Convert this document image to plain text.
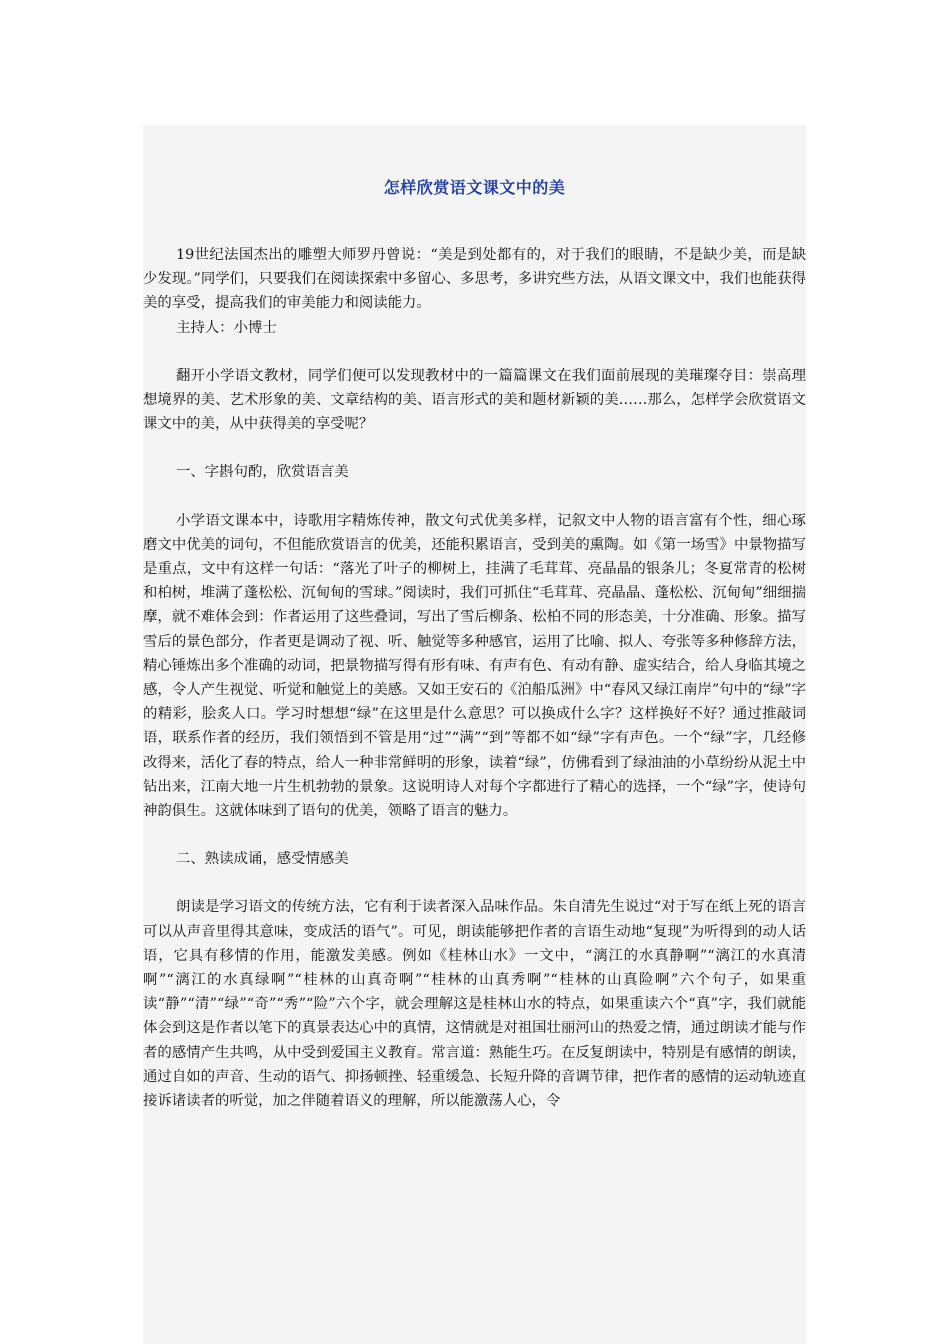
怎样欣赏语文课文中的美

19世纪法国杰出的雕塑大师罗丹曾说：“美是到处都有的，对于我们的眼睛，不是缺少美，而是缺少发现。”同学们，只要我们在阅读探索中多留心、多思考，多讲究些方法，从语文课文中，我们也能获得美的享受，提高我们的审美能力和阅读能力。

主持人：小博士

翻开小学语文教材，同学们便可以发现教材中的一篇篇课文在我们面前展现的美璀璨夺目：崇高理想境界的美、艺术形象的美、文章结构的美、语言形式的美和题材新颖的美……那么，怎样学会欣赏语文课文中的美，从中获得美的享受呢？

一、字斟句酌，欣赏语言美

小学语文课本中，诗歌用字精炼传神，散文句式优美多样，记叙文中人物的语言富有个性，细心琢磨文中优美的词句，不但能欣赏语言的优美，还能积累语言，受到美的熏陶。如《第一场雪》中景物描写是重点，文中有这样一句话：“落光了叶子的柳树上，挂满了毛茸茸、亮晶晶的银条儿；冬夏常青的松树和柏树，堆满了蓬松松、沉甸甸的雪球。”阅读时，我们可抓住“毛茸茸、亮晶晶、蓬松松、沉甸甸”细细揣摩，就不难体会到：作者运用了这些叠词，写出了雪后柳条、松柏不同的形态美，十分准确、形象。描写雪后的景色部分，作者更是调动了视、听、触觉等多种感官，运用了比喻、拟人、夸张等多种修辞方法，精心锤炼出多个准确的动词，把景物描写得有形有味、有声有色、有动有静、虚实结合，给人身临其境之感，令人产生视觉、听觉和触觉上的美感。又如王安石的《泊船瓜洲》中“春风又绿江南岸”句中的“绿”字的精彩，脍炙人口。学习时想想“绿”在这里是什么意思？可以换成什么字？这样换好不好？通过推敲词语，联系作者的经历，我们领悟到不管是用“过”“满”“到”等都不如“绿”字有声色。一个“绿”字，几经修改得来，活化了春的特点，给人一种非常鲜明的形象，读着“绿”，仿佛看到了绿油油的小草纷纷从泥土中钻出来，江南大地一片生机勃勃的景象。这说明诗人对每个字都进行了精心的选择，一个“绿”字，使诗句神韵俱生。这就体味到了语句的优美，领略了语言的魅力。

二、熟读成诵，感受情感美

朗读是学习语文的传统方法，它有利于读者深入品味作品。朱自清先生说过“对于写在纸上死的语言可以从声音里得其意味，变成活的语气”。可见，朗读能够把作者的言语生动地“复现”为听得到的动人话语，它具有移情的作用，能激发美感。例如《桂林山水》一文中，“漓江的水真静啊”“漓江的水真清啊”“漓江的水真绿啊”“桂林的山真奇啊”“桂林的山真秀啊”“桂林的山真险啊”六个句子，如果重读“静”“清”“绿”“奇”“秀”“险”六个字，就会理解这是桂林山水的特点，如果重读六个“真”字，我们就能体会到这是作者以笔下的真景表达心中的真情，这情就是对祖国壮丽河山的热爱之情，通过朗读才能与作者的感情产生共鸣，从中受到爱国主义教育。常言道：熟能生巧。在反复朗读中，特别是有感情的朗读，通过自如的声音、生动的语气、抑扬顿挫、轻重缓急、长短升降的音调节律，把作者的感情的运动轨迹直接诉诸读者的听觉，加之伴随着语义的理解，所以能激荡人心，令
